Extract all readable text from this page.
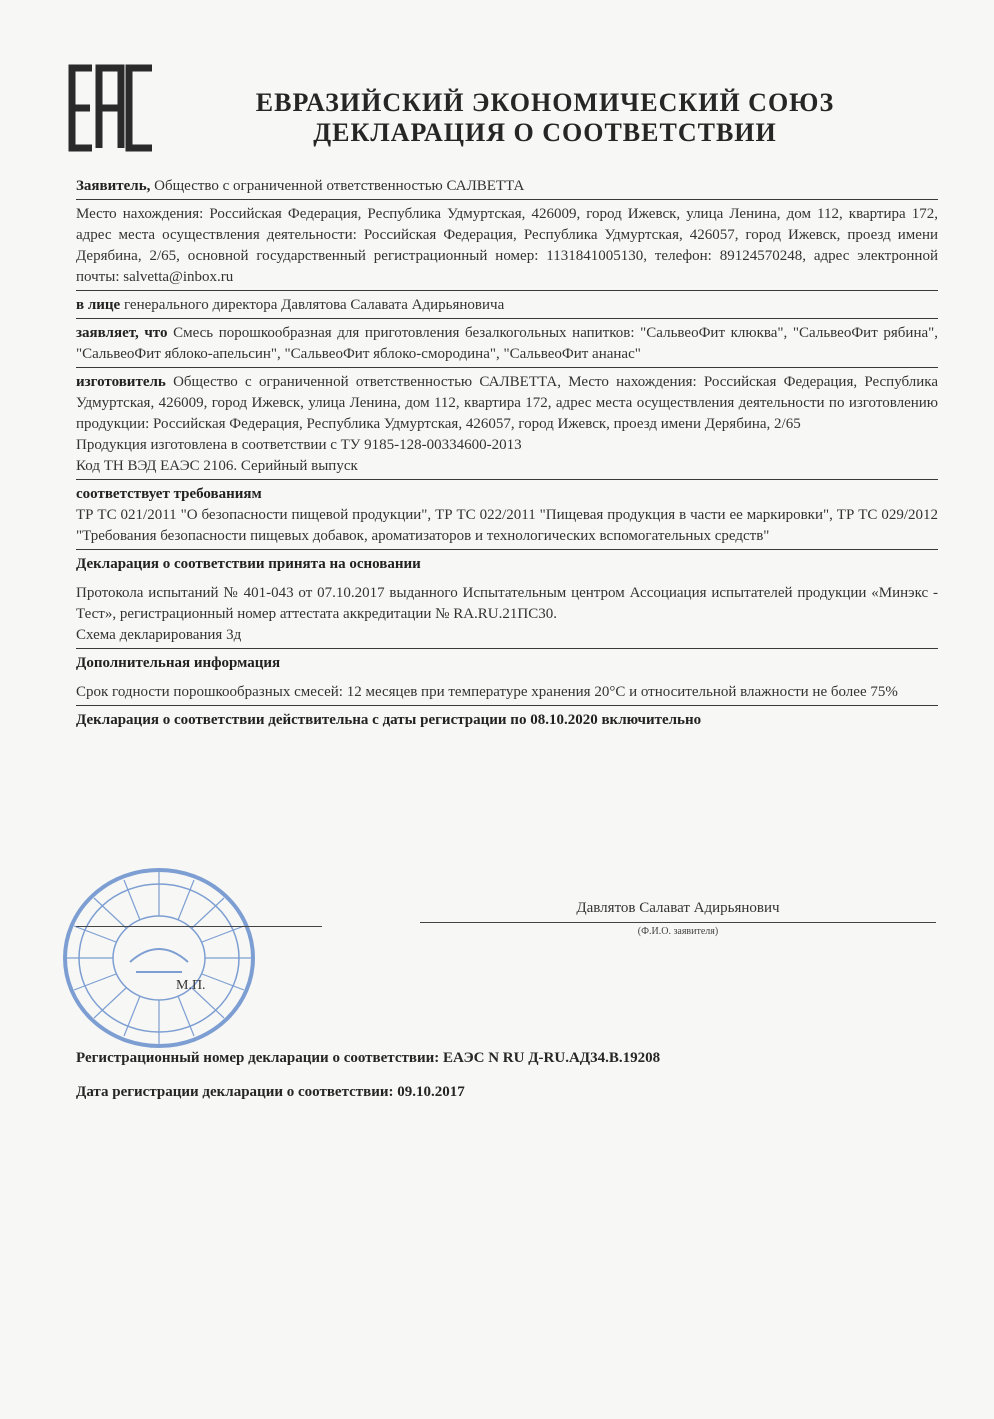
ЕВРАЗИЙСКИЙ ЭКОНОМИЧЕСКИЙ СОЮЗ
ДЕКЛАРАЦИЯ О СООТВЕТСТВИИ
Заявитель, Общество с ограниченной ответственностью САЛВЕТТА
Место нахождения: Российская Федерация, Республика Удмуртская, 426009, город Ижевск, улица Ленина, дом 112, квартира 172, адрес места осуществления деятельности: Российская Федерация, Республика Удмуртская, 426057, город Ижевск, проезд имени Дерябина, 2/65, основной государственный регистрационный номер: 1131841005130, телефон: 89124570248, адрес электронной почты: salvetta@inbox.ru
в лице генерального директора Давлятова Салавата Адирьяновича
заявляет, что Смесь порошкообразная для приготовления безалкогольных напитков: "СальвеоФит клюква", "СальвеоФит рябина", "СальвеоФит яблоко-апельсин", "СальвеоФит яблоко-смородина", "СальвеоФит ананас"
изготовитель Общество с ограниченной ответственностью САЛВЕТТА, Место нахождения: Российская Федерация, Республика Удмуртская, 426009, город Ижевск, улица Ленина, дом 112, квартира 172, адрес места осуществления деятельности по изготовлению продукции: Российская Федерация, Республика Удмуртская, 426057, город Ижевск, проезд имени Дерябина, 2/65
Продукция изготовлена в соответствии с ТУ 9185-128-00334600-2013
Код ТН ВЭД ЕАЭС 2106. Серийный выпуск
соответствует требованиям
ТР ТС 021/2011 "О безопасности пищевой продукции", ТР ТС 022/2011 "Пищевая продукция в части ее маркировки", ТР ТС 029/2012 "Требования безопасности пищевых добавок, ароматизаторов и технологических вспомогательных средств"
Декларация о соответствии принята на основании
Протокола испытаний № 401-043 от 07.10.2017 выданного Испытательным центром Ассоциация испытателей продукции «Минэкс - Тест», регистрационный номер аттестата аккредитации № RA.RU.21ПС30.
Схема декларирования 3д
Дополнительная информация
Срок годности порошкообразных смесей: 12 месяцев при температуре хранения 20°С и относительной влажности не более 75%
Декларация о соответствии действительна с даты регистрации по 08.10.2020 включительно
М.П.
Давлятов Салават Адирьянович
(Ф.И.О. заявителя)
Регистрационный номер декларации о соответствии: ЕАЭС N RU Д-RU.АД34.В.19208
Дата регистрации декларации о соответствии: 09.10.2017
